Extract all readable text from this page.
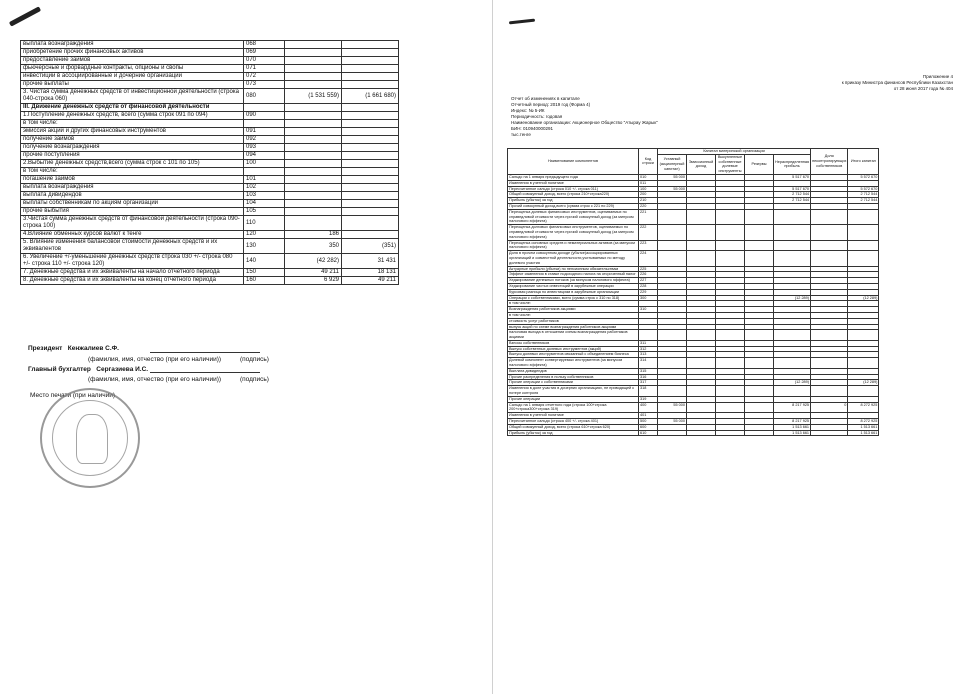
выплата вознаграждения	068		
приобретение прочих финансовых активов	069		
предоставление займов	070		
фьючерсные и форвардные контракты, опционы и свопы	071		
инвестиции в ассоциированные и дочерние организации	072		
прочие выплаты	073		
3. Чистая сумма денежных средств от инвестиционной деятельности (строка 040-строка 060)	080	(1 531 559)	(1 661 680)
III. Движение денежных средств от финансовой деятельности			
1.Поступление денежных средств, всего (сумма строк 091 по 094)	090		
в том числе:			
эмиссия акций и других финансовых инструментов	091		
получение займов	092		
получение вознаграждения	093		
прочие поступления	094		
2.Выбытие денежных средств,всего (сумма строк с 101 по 105)	100		
в том числе:			
погашение займов	101		
выплата вознаграждения	102		
выплата дивидендов	103		
выплаты собственникам по акциям организации	104		
прочие выбытия	105		
3.Чистая сумма денежных средств от финансовой деятельности (строка 090-строка 100)	110		
4.Влияние обменных курсов валют к тенге	120	186	
5. Влияние изменения балансовой стоимости денежных средств и их эквивалентов	130	350	(351)
6. Увеличение +/-уменьшение денежных средств строка 030 +/- строка 080 +/- строка 110 +/- строка 120)	140	(42 282)	31 431
7. Денежные средства и их эквиваленты на начало отчетного периода	150	49 211	18 131
8. Денежные средства и их эквиваленты на конец отчетного периода	160	6 929	49 211
Президент Кенжалиев С.Ф.
(фамилия, имя, отчество (при его наличии))	(подпись)
Главный бухгалтер Сергазиева И.С.
(фамилия, имя, отчество (при его наличии))	(подпись)
Место печати (при наличии)
Приложение 4
к приказу Министра финансов Республики Казахстан
от 28 июня 2017 года № 404
Отчет об изменениях в капитале
Отчетный период: 2019 год (Форма 4)
Индекс: № 5-ИК
Периодичность: годовая
Наименование организации: Акционерное Общество "Атырау Жарык"
БИН: 010940000291
тыс.тенге
Наименование компонентов	Код строки	Капитал материнской организации					Доля неконтролирующих собственников	Итого капитал
		Уставный (акционерный капитал)	Эмиссионный доход	Выкупленные собственные долевые инструменты	Резервы	Нераспределенная прибыль		
Сальдо на 1 января предыдущего года	010	55 000				5 517 670		5 572 670
Изменения в учетной политике	011							
Пересчитанное сальдо (строка 010 +/- строка 011)	100	55 000				5 517 670		5 572 670
Общий совокупный доход, всего (строка 210+строка220)	200					2 712 544		2 712 544
Прибыль (убыток) за год	210					2 712 544		2 712 544
Прочий совокупный доход,всего (сумма строк с 221 по 229)	220							
Переоценка долевых финансовых инструментов, оцениваемых по справедливой стоимости через прочий совокупный доход (за минусом налогового эффекта)	221							
Переоценка долговых финансовых инструментов, оцениваемых по справедливой стоимости через прочий совокупный доход (за минусом налогового эффекта)	222							
Переоценка основных средств и нематериальных активов (за минусом налогового эффекта)	223							
Доля в прочем совокупном доходе (убытке)ассоциированных организаций и совместной деятельности,учитываемых по методу долевого участия	224							
Актуарные прибыли (убытки) по пенсионным обязательствам	225							
Эффект изменения в ставке подоходного налога на отсроченный налог	226							
Хеджирование денежных потоков (за минусом налогового эффекта)	227							
Хеджирование чистых инвестиций в зарубежные операции	228							
Курсовая разница по инвестициям в зарубежные организации	229							
Операции с собственниками, всего (сумма строк с 310 по 318)	300					(12 289)		(12 289)
в том числе:								
Вознаграждения работников акциями	310							
в том числе:								
стоимость услуг работников								
выпуск акций по схеме вознаграждения работников акциями								
налоговая выгода в отношении схемы вознаграждения работников акциями								
Взносы собственников	311							
Выпуск собственных долевых инструментов (акций)	312							
Выпуск долевых инструментов связанный с объединением бизнеса	313							
Долевой компонент конвертируемых инструментов (за минусом налогового эффекта)	314							
Выплата дивидендов	315							
Прочие распределения в пользу собственников	316							
Прочие операции с собственниками	317					(12 289)		(12 289)
Изменения в доле участия в дочерних организациях, не приводящей к потере контроля	318							
Прочие операции	319							
Сальдо на 1 января отчетного года (строка 100+строка 200+строка300+строка 319)	400	55 000				8 217 925	0	8 272 925
Изменения в учетной политике	401							
Пересчитанное сальдо (строка 400 +/- строка 401)	500	55 000				8 217 925		8 272 925
Общий совокупный доход, всего (строка 610+строка 620)	600					1 513 661		1 513 661
Прибыль (убыток) за год	610					1 513 661		1 513 661
